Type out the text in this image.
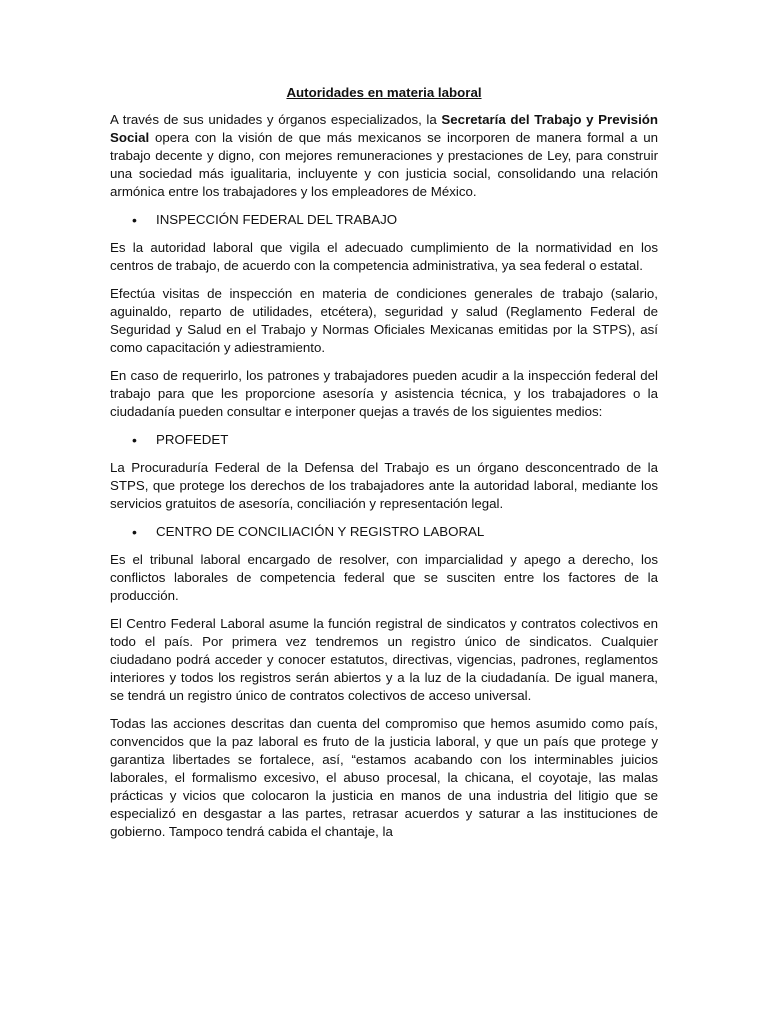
Autoridades en materia laboral

A través de sus unidades y órganos especializados, la Secretaría del Trabajo y Previsión Social opera con la visión de que más mexicanos se incorporen de manera formal a un trabajo decente y digno, con mejores remuneraciones y prestaciones de Ley, para construir una sociedad más igualitaria, incluyente y con justicia social, consolidando una relación armónica entre los trabajadores y los empleadores de México.

•	INSPECCIÓN FEDERAL DEL TRABAJO

Es la autoridad laboral que vigila el adecuado cumplimiento de la normatividad en los centros de trabajo, de acuerdo con la competencia administrativa, ya sea federal o estatal.

Efectúa visitas de inspección en materia de condiciones generales de trabajo (salario, aguinaldo, reparto de utilidades, etcétera), seguridad y salud (Reglamento Federal de Seguridad y Salud en el Trabajo y Normas Oficiales Mexicanas emitidas por la STPS), así como capacitación y adiestramiento.

En caso de requerirlo, los patrones y trabajadores pueden acudir a la inspección federal del trabajo para que les proporcione asesoría y asistencia técnica, y los trabajadores o la ciudadanía pueden consultar e interponer quejas a través de los siguientes medios:

•	PROFEDET

La Procuraduría Federal de la Defensa del Trabajo es un órgano desconcentrado de la STPS, que protege los derechos de los trabajadores ante la autoridad laboral, mediante los servicios gratuitos de asesoría, conciliación y representación legal.

•	CENTRO DE CONCILIACIÓN Y REGISTRO LABORAL

Es el tribunal laboral encargado de resolver, con imparcialidad y apego a derecho, los conflictos laborales de competencia federal que se susciten entre los factores de la producción.

El Centro Federal Laboral asume la función registral de sindicatos y contratos colectivos en todo el país. Por primera vez tendremos un registro único de sindicatos. Cualquier ciudadano podrá acceder y conocer estatutos, directivas, vigencias, padrones, reglamentos interiores y todos los registros serán abiertos y a la luz de la ciudadanía. De igual manera, se tendrá un registro único de contratos colectivos de acceso universal.

Todas las acciones descritas dan cuenta del compromiso que hemos asumido como país, convencidos que la paz laboral es fruto de la justicia laboral, y que un país que protege y garantiza libertades se fortalece, así, “estamos acabando con los interminables juicios laborales, el formalismo excesivo, el abuso procesal, la chicana, el coyotaje, las malas prácticas y vicios que colocaron la justicia en manos de una industria del litigio que se especializó en desgastar a las partes, retrasar acuerdos y saturar a las instituciones de gobierno. Tampoco tendrá cabida el chantaje, la
